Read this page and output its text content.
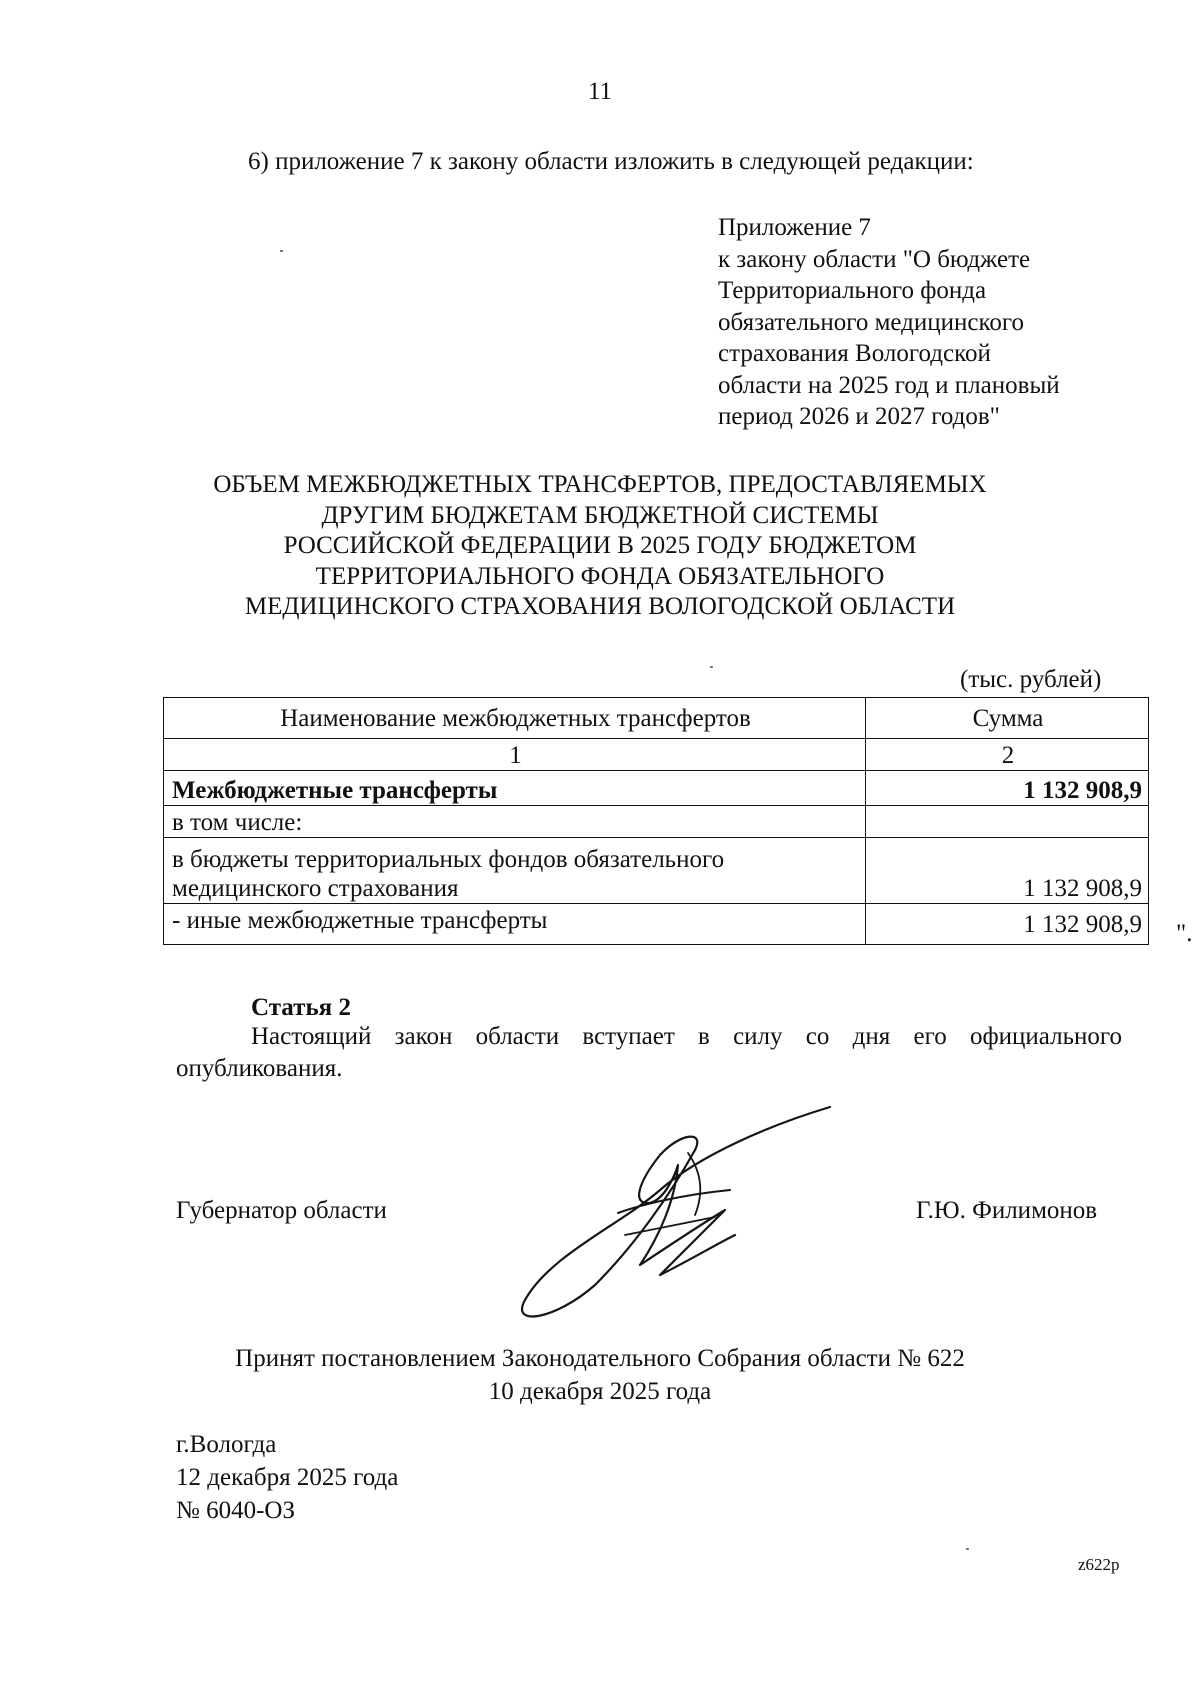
11
6) приложение 7 к закону области изложить в следующей редакции:
Приложение 7
к закону области "О бюджете
Территориального фонда
обязательного медицинского
страхования Вологодской
области на 2025 год и плановый
период 2026 и 2027 годов"
ОБЪЕМ МЕЖБЮДЖЕТНЫХ ТРАНСФЕРТОВ, ПРЕДОСТАВЛЯЕМЫХ
ДРУГИМ БЮДЖЕТАМ БЮДЖЕТНОЙ СИСТЕМЫ
РОССИЙСКОЙ ФЕДЕРАЦИИ В 2025 ГОДУ БЮДЖЕТОМ
ТЕРРИТОРИАЛЬНОГО ФОНДА ОБЯЗАТЕЛЬНОГО
МЕДИЦИНСКОГО СТРАХОВАНИЯ ВОЛОГОДСКОЙ ОБЛАСТИ
(тыс. рублей)
Наименование межбюджетных трансфертов	Сумма
1	2
Межбюджетные трансферты	1 132 908,9
в том числе:	
в бюджеты территориальных фондов обязательного медицинского страхования	1 132 908,9
- иные межбюджетные трансферты	1 132 908,9 ".
Статья 2
Настоящий закон области вступает в силу со дня его официального опубликования.
Губернатор области	Г.Ю. Филимонов
Принят постановлением Законодательного Собрания области № 622
10 декабря 2025 года
г.Вологда
12 декабря 2025 года
№ 6040-ОЗ
z622p
